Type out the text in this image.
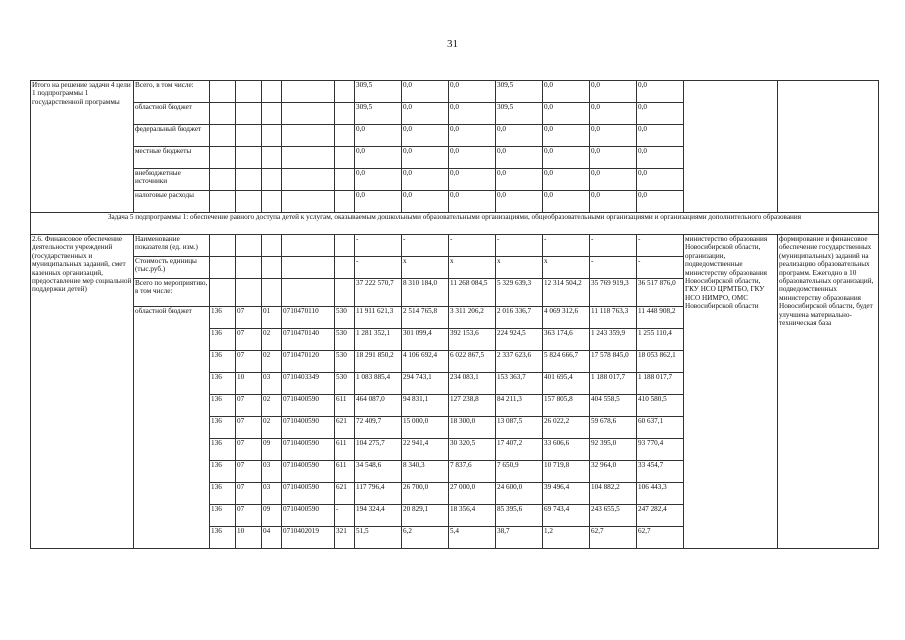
31
Итого на решение задачи 4 цели 1 подпрограммы 1 государственной программы	Всего, в том числе:						309,5	0,0	0,0	309,5	0,0	0,0	0,0		
	областной бюджет						309,5	0,0	0,0	309,5	0,0	0,0	0,0		
	федеральный бюджет						0,0	0,0	0,0	0,0	0,0	0,0	0,0		
	местные бюджеты						0,0	0,0	0,0	0,0	0,0	0,0	0,0		
	внебюджетные источники						0,0	0,0	0,0	0,0	0,0	0,0	0,0		
	налоговые расходы						0,0	0,0	0,0	0,0	0,0	0,0	0,0		
Задача 5 подпрограммы 1: обеспечение равного доступа детей к услугам, оказываемым дошкольными образовательными организациями, общеобразовательными организациями и организациями дополнительного образования															
2.6. Финансовое обеспечение деятельности учреждений (государственных и муниципальных заданий, смет казенных организаций, предоставление мер социальной поддержки детей)	Наименование показателя (ед. изм.)						-	-	-	-	-	-	-	министерство образования Новосибирской области, организации, подведомственные министерству образования Новосибирской области, ГКУ НСО ЦРМТБО, ГКУ НСО НИМРО, ОМС Новосибирской области	формирование и финансовое обеспечение государственных (муниципальных) заданий на реализацию образовательных программ. Ежегодно в 10 образовательных организаций, подведомственных министерству образования Новосибирской области, будет улучшена материально-техническая база
	Стоимость единицы (тыс.руб.)						-	x	x	x	x	-	-		
	Всего по мероприятию, в том числе:						37 222 570,7	8 310 184,0	11 268 084,5	5 329 639,3	12 314 504,2	35 769 919,3	36 517 876,0		
	областной бюджет	136	07	01	0710470110	530	11 911 621,3	2 514 765,8	3 311 206,2	2 016 336,7	4 069 312,6	11 118 763,3	11 448 908,2		
		136	07	02	0710470140	530	1 281 352,1	301 099,4	392 153,6	224 924,5	363 174,6	1 243 359,9	1 255 110,4		
		136	07	02	0710470120	530	18 291 850,2	4 106 692,4	6 022 867,5	2 337 623,6	5 824 666,7	17 578 845,0	18 053 862,1		
		136	10	03	0710403349	530	1 083 885,4	294 743,1	234 083,1	153 363,7	401 695,4	1 188 017,7	1 188 017,7		
		136	07	02	0710400590	611	464 087,0	94 831,1	127 238,8	84 211,3	157 805,8	404 558,5	410 580,5		
		136	07	02	0710400590	621	72 409,7	15 000,0	18 300,0	13 087,5	26 022,2	59 678,6	60 637,1		
		136	07	09	0710400590	611	104 275,7	22 941,4	30 320,5	17 407,2	33 606,6	92 395,0	93 770,4		
		136	07	03	0710400590	611	34 548,6	8 340,3	7 837,6	7 650,9	10 719,8	32 964,0	33 454,7		
		136	07	03	0710400590	621	117 796,4	26 700,0	27 000,0	24 600,0	39 496,4	104 882,2	106 443,3		
		136	07	09	0710400590	-	194 324,4	20 829,1	18 356,4	85 395,6	69 743,4	243 655,5	247 282,4		
		136	10	04	0710402019	321	51,5	6,2	5,4	38,7	1,2	62,7	62,7		
